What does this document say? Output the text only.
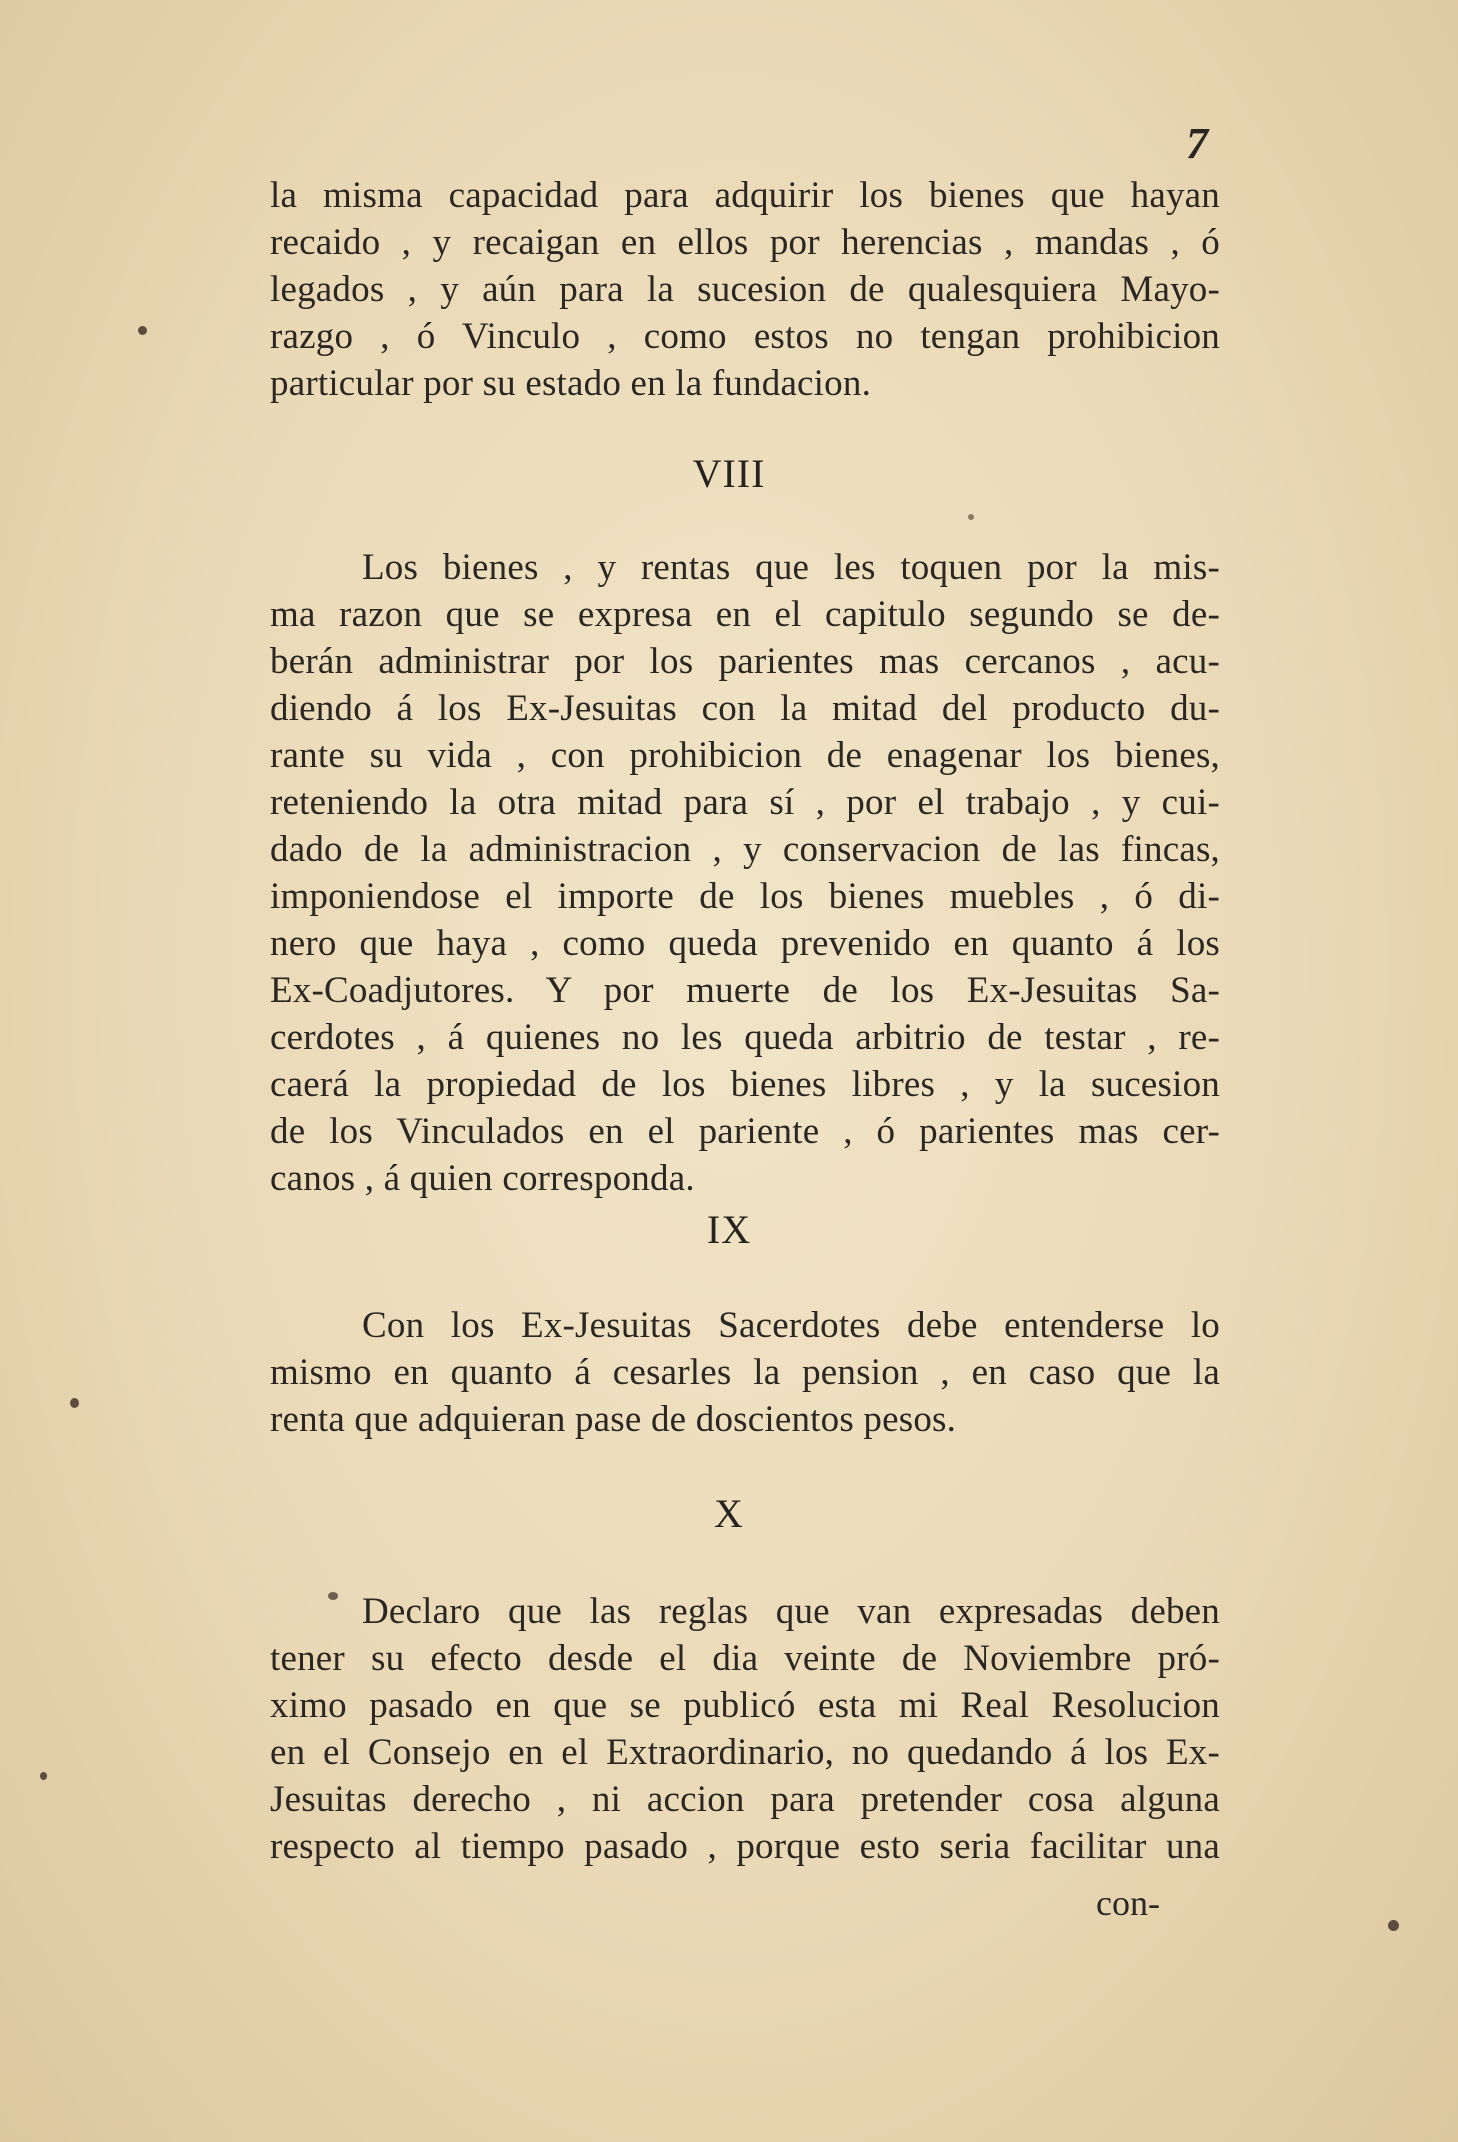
7
la misma capacidad para adquirir los bienes que hayan
recaido , y recaigan en ellos por herencias , mandas , ó
legados , y aún para la sucesion de qualesquiera Mayo-
razgo , ó Vinculo , como estos no tengan prohibicion
particular por su estado en la fundacion.
VIII
Los bienes , y rentas que les toquen por la mis-
ma razon que se expresa en el capitulo segundo se de-
berán administrar por los parientes mas cercanos , acu-
diendo á los Ex-Jesuitas con la mitad del producto du-
rante su vida , con prohibicion de enagenar los bienes,
reteniendo la otra mitad para sí , por el trabajo , y cui-
dado de la administracion , y conservacion de las fincas,
imponiendose el importe de los bienes muebles , ó di-
nero que haya , como queda prevenido en quanto á los
Ex-Coadjutores. Y por muerte de los Ex-Jesuitas Sa-
cerdotes , á quienes no les queda arbitrio de testar , re-
caerá la propiedad de los bienes libres , y la sucesion
de los Vinculados en el pariente , ó parientes mas cer-
canos , á quien corresponda.
IX
Con los Ex-Jesuitas Sacerdotes debe entenderse lo
mismo en quanto á cesarles la pension , en caso que la
renta que adquieran pase de doscientos pesos.
X
Declaro que las reglas que van expresadas deben
tener su efecto desde el dia veinte de Noviembre pró-
ximo pasado en que se publicó esta mi Real Resolucion
en el Consejo en el Extraordinario, no quedando á los Ex-
Jesuitas derecho , ni accion para pretender cosa alguna
respecto al tiempo pasado , porque esto seria facilitar una
con-
